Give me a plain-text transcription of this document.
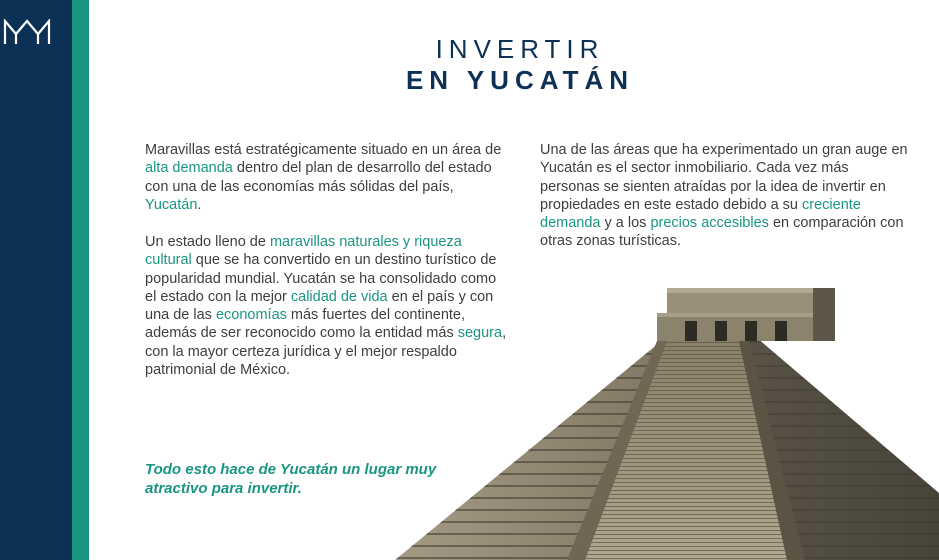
INVERTIR
EN YUCATÁN

Maravillas está estratégicamente situado en un área de alta demanda dentro del plan de desarrollo del estado con una de las economías más sólidas del país, Yucatán.

Un estado lleno de maravillas naturales y riqueza cultural que se ha convertido en un destino turístico de popularidad mundial. Yucatán se ha consolidado como el estado con la mejor calidad de vida en el país y con una de las economías más fuertes del continente, además de ser reconocido como la entidad más segura, con la mayor certeza jurídica y el mejor respaldo patrimonial de México.

Una de las áreas que ha experimentado un gran auge en Yucatán es el sector inmobiliario. Cada vez más personas se sienten atraídas por la idea de invertir en propiedades en este estado debido a su creciente demanda y a los precios accesibles en comparación con otras zonas turísticas.

Todo esto hace de Yucatán un lugar muy atractivo para invertir.
